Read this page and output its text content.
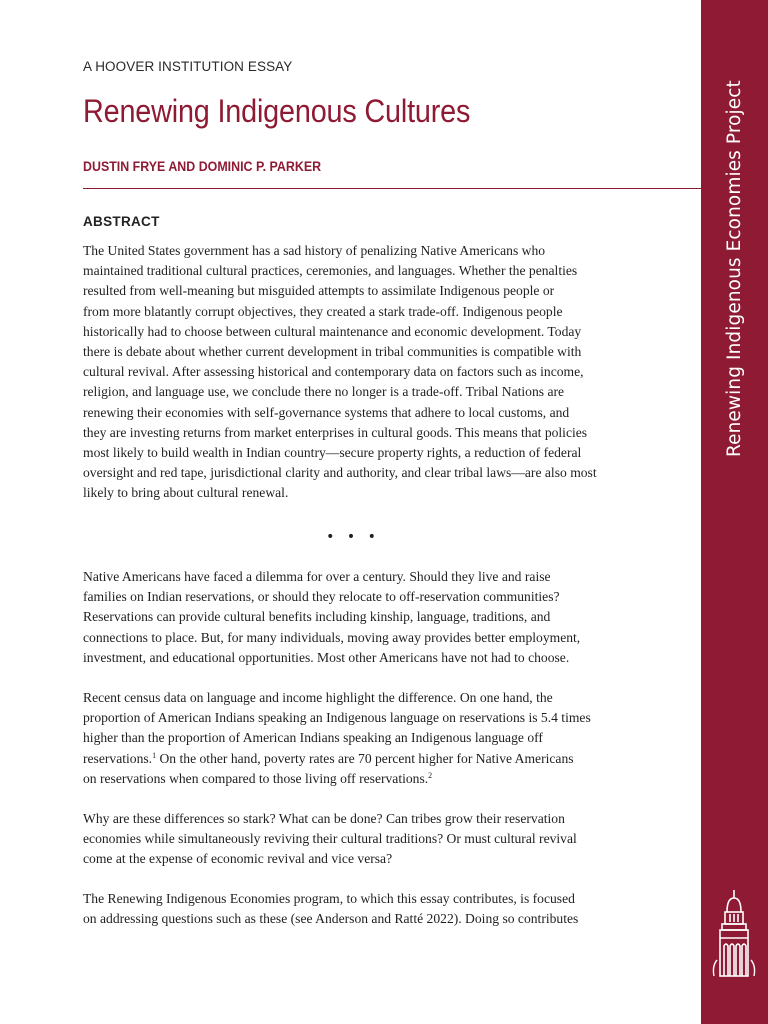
Renewing Indigenous Economies Project
A HOOVER INSTITUTION ESSAY
Renewing Indigenous Cultures
DUSTIN FRYE AND DOMINIC P. PARKER
ABSTRACT

The United States government has a sad history of penalizing Native Americans who
maintained traditional cultural practices, ceremonies, and languages. Whether the penalties
resulted from well-meaning but misguided attempts to assimilate Indigenous people or
from more blatantly corrupt objectives, they created a stark trade-off. Indigenous people
historically had to choose between cultural maintenance and economic development. Today
there is debate about whether current development in tribal communities is compatible with
cultural revival. After assessing historical and contemporary data on factors such as income,
religion, and language use, we conclude there no longer is a trade-off. Tribal Nations are
renewing their economies with self-governance systems that adhere to local customs, and
they are investing returns from market enterprises in cultural goods. This means that policies
most likely to build wealth in Indian country—secure property rights, a reduction of federal
oversight and red tape, jurisdictional clarity and authority, and clear tribal laws—are also most
likely to bring about cultural renewal.

• • •

Native Americans have faced a dilemma for over a century. Should they live and raise
families on Indian reservations, or should they relocate to off-reservation communities?
Reservations can provide cultural benefits including kinship, language, traditions, and
connections to place. But, for many individuals, moving away provides better employment,
investment, and educational opportunities. Most other Americans have not had to choose.

Recent census data on language and income highlight the difference. On one hand, the
proportion of American Indians speaking an Indigenous language on reservations is 5.4 times
higher than the proportion of American Indians speaking an Indigenous language off
reservations.$^1$ On the other hand, poverty rates are 70 percent higher for Native Americans
on reservations when compared to those living off reservations.$^2$

Why are these differences so stark? What can be done? Can tribes grow their reservation
economies while simultaneously reviving their cultural traditions? Or must cultural revival
come at the expense of economic revival and vice versa?

The Renewing Indigenous Economies program, to which this essay contributes, is focused
on addressing questions such as these (see Anderson and Ratté 2022). Doing so contributes
